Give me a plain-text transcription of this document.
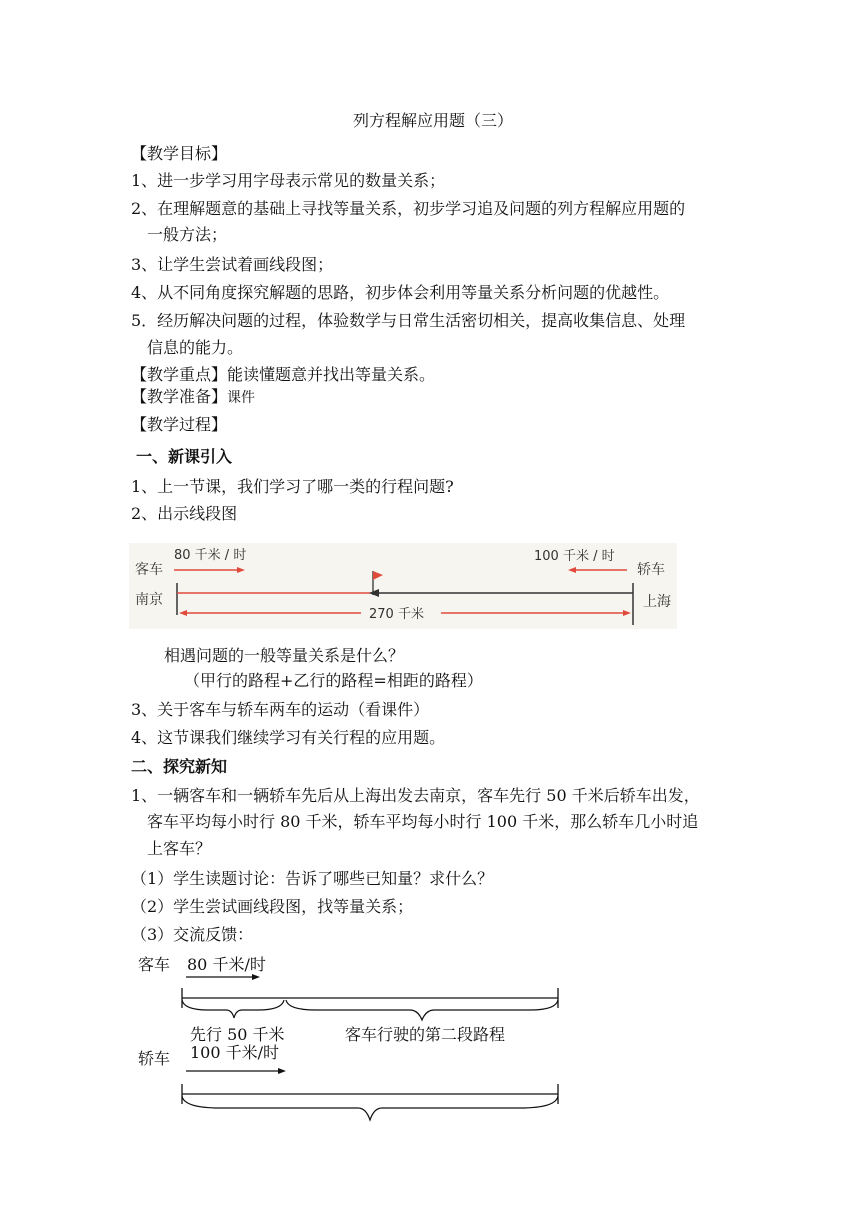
列方程解应用题（三）
【教学目标】
1、进一步学习用字母表示常见的数量关系；
2、在理解题意的基础上寻找等量关系，初步学习追及问题的列方程解应用题的
一般方法；
3、让学生尝试着画线段图；
4、从不同角度探究解题的思路，初步体会利用等量关系分析问题的优越性。
5．经历解决问题的过程，体验数学与日常生活密切相关，提高收集信息、处理
信息的能力。
【教学重点】能读懂题意并找出等量关系。
【教学准备】课件
【教学过程】
一、新课引入
1、上一节课，我们学习了哪一类的行程问题?
2、出示线段图
客车
80 千米 / 时	100 千米 / 时
轿车
南京	上海
270 千米
相遇问题的一般等量关系是什么？
（甲行的路程+乙行的路程=相距的路程）
3、关于客车与轿车两车的运动（看课件）
4、这节课我们继续学习有关行程的应用题。
二、探究新知
1、一辆客车和一辆轿车先后从上海出发去南京，客车先行 50 千米后轿车出发，
客车平均每小时行 80 千米，轿车平均每小时行 100 千米，那么轿车几小时追
上客车？
（1）学生读题讨论：告诉了哪些已知量？求什么？
（2）学生尝试画线段图，找等量关系；
（3）交流反馈：
客车 80 千米/时
先行 50 千米	客车行驶的第二段路程
轿车 100 千米/时
